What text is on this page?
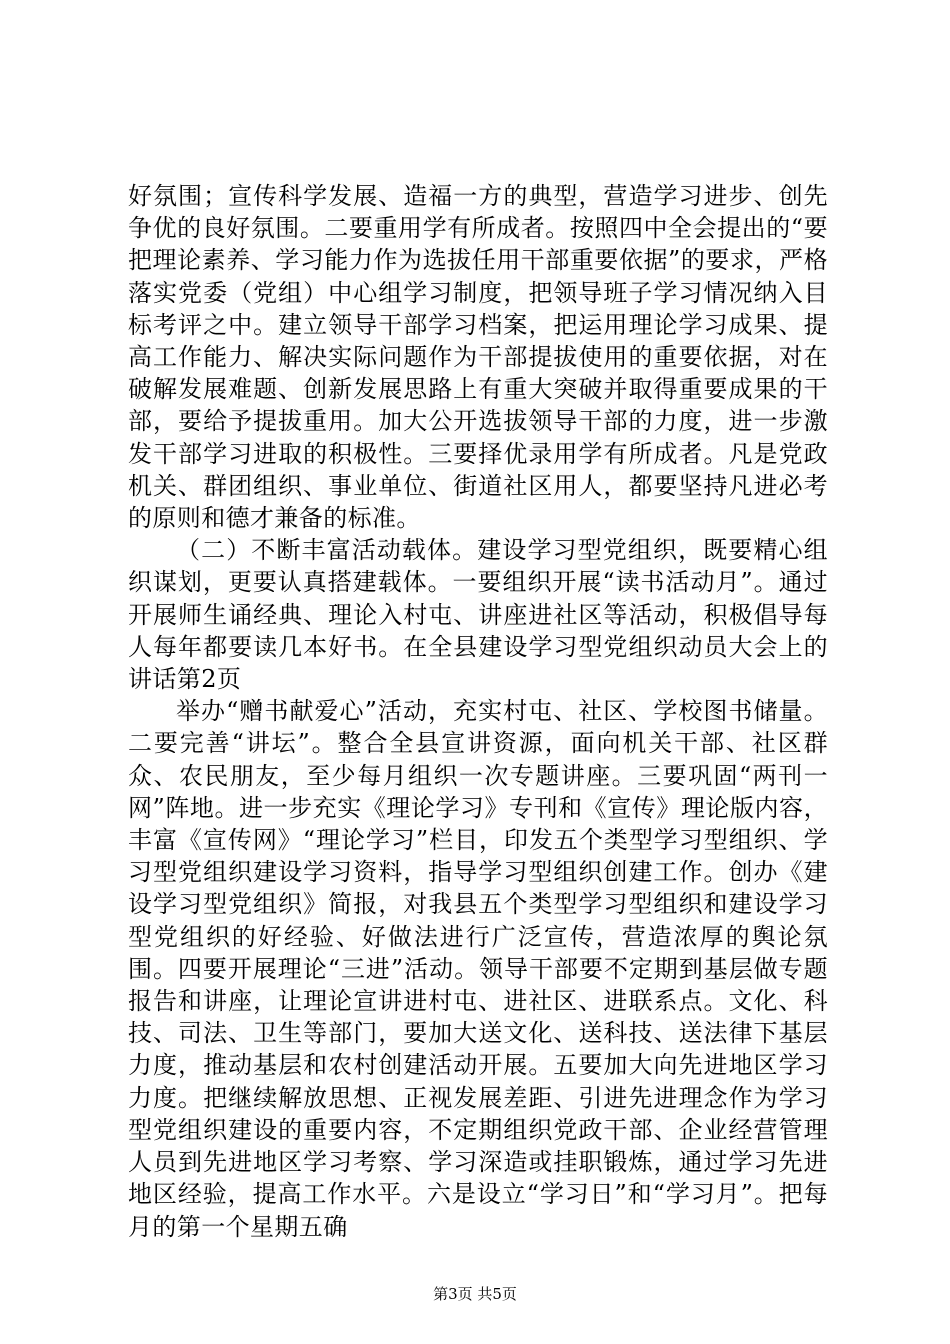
好氛围；宣传科学发展、造福一方的典型，营造学习进步、创先争优的良好氛围。二要重用学有所成者。按照四中全会提出的“要把理论素养、学习能力作为选拔任用干部重要依据”的要求，严格落实党委（党组）中心组学习制度，把领导班子学习情况纳入目标考评之中。建立领导干部学习档案，把运用理论学习成果、提高工作能力、解决实际问题作为干部提拔使用的重要依据，对在破解发展难题、创新发展思路上有重大突破并取得重要成果的干部，要给予提拔重用。加大公开选拔领导干部的力度，进一步激发干部学习进取的积极性。三要择优录用学有所成者。凡是党政机关、群团组织、事业单位、街道社区用人，都要坚持凡进必考的原则和德才兼备的标准。

（二）不断丰富活动载体。建设学习型党组织，既要精心组织谋划，更要认真搭建载体。一要组织开展“读书活动月”。通过开展师生诵经典、理论入村屯、讲座进社区等活动，积极倡导每人每年都要读几本好书。在全县建设学习型党组织动员大会上的讲话第2页

举办“赠书献爱心”活动，充实村屯、社区、学校图书储量。二要完善“讲坛”。整合全县宣讲资源，面向机关干部、社区群众、农民朋友，至少每月组织一次专题讲座。三要巩固“两刊一网”阵地。进一步充实《理论学习》专刊和《宣传》理论版内容，丰富《宣传网》“理论学习”栏目，印发五个类型学习型组织、学习型党组织建设学习资料，指导学习型组织创建工作。创办《建设学习型党组织》简报，对我县五个类型学习型组织和建设学习型党组织的好经验、好做法进行广泛宣传，营造浓厚的舆论氛围。四要开展理论“三进”活动。领导干部要不定期到基层做专题报告和讲座，让理论宣讲进村屯、进社区、进联系点。文化、科技、司法、卫生等部门，要加大送文化、送科技、送法律下基层力度，推动基层和农村创建活动开展。五要加大向先进地区学习力度。把继续解放思想、正视发展差距、引进先进理念作为学习型党组织建设的重要内容，不定期组织党政干部、企业经营管理人员到先进地区学习考察、学习深造或挂职锻炼，通过学习先进地区经验，提高工作水平。六是设立“学习日”和“学习月”。把每月的第一个星期五确

第3页 共5页
